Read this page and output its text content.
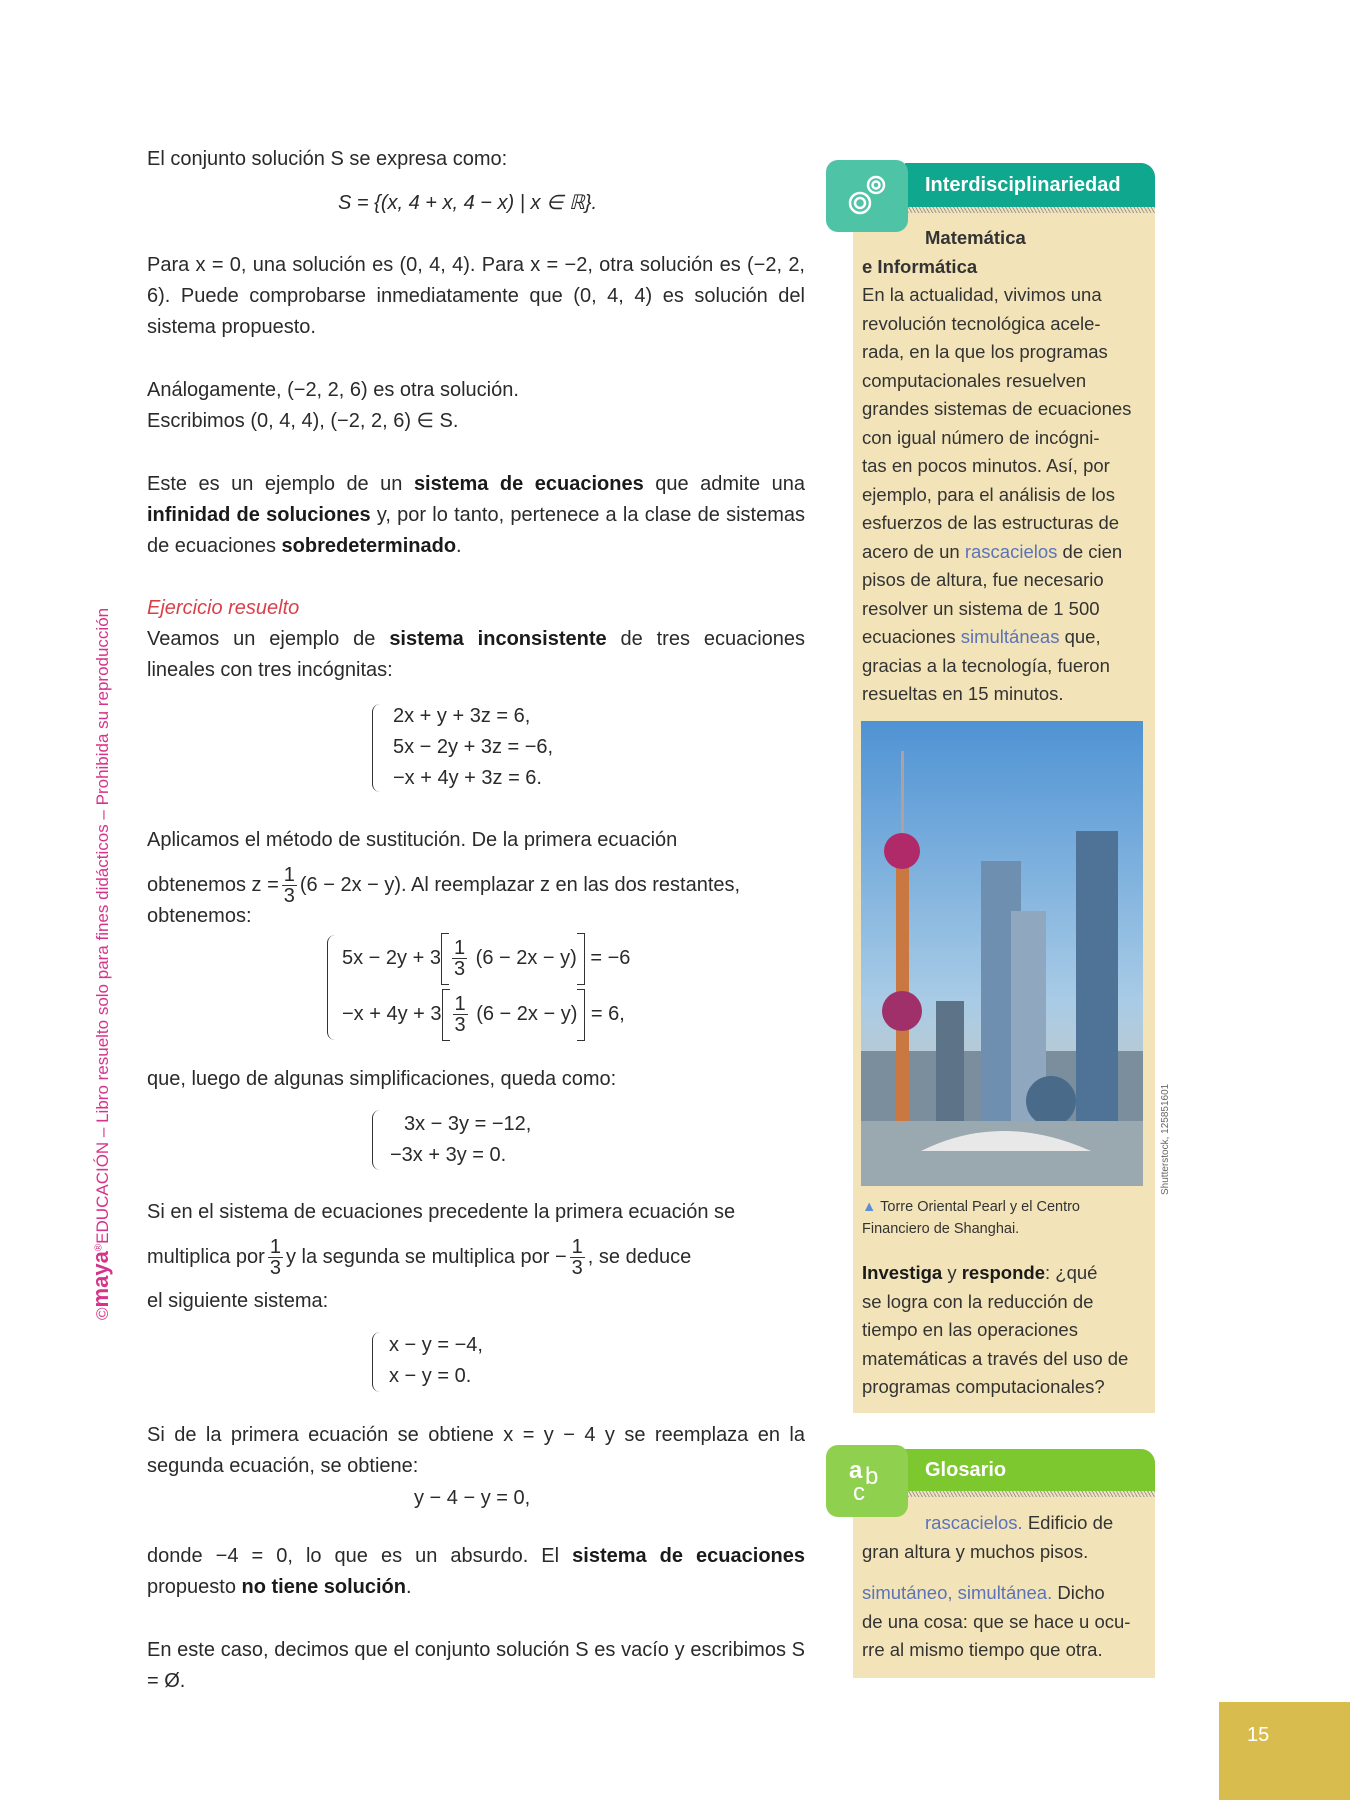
©maya®EDUCACIÓN – Libro resuelto solo para fines didácticos – Prohibida su reproducción
El conjunto solución S se expresa como:
S = {(x, 4 + x, 4 − x) | x ∈ ℝ}.
Para x = 0, una solución es (0, 4, 4). Para x = −2, otra solución es (−2, 2, 6). Puede comprobarse inmediatamente que (0, 4, 4) es solución del sistema propuesto.
Análogamente, (−2, 2, 6) es otra solución.
Escribimos (0, 4, 4), (−2, 2, 6) ∈ S.
Este es un ejemplo de un sistema de ecuaciones que admite una infinidad de soluciones y, por lo tanto, pertenece a la clase de sistemas de ecuaciones sobredeterminado.
Ejercicio resuelto
Veamos un ejemplo de sistema inconsistente de tres ecuaciones lineales con tres incógnitas:
2x + y + 3z = 6,
5x − 2y + 3z = −6,
−x + 4y + 3z = 6.
Aplicamos el método de sustitución. De la primera ecuación
obtenemos $z = \frac{1}{3} (6 - 2x - y)$. Al reemplazar z en las dos restantes,
obtenemos:
$5x - 2y + 3 \frac{1}{3} (6 - 2x - y) = -6$
$-x + 4y + 3 \frac{1}{3} (6 - 2x - y) = 6$,
que, luego de algunas simplificaciones, queda como:
3x − 3y = −12,
−3x + 3y = 0.
Si en el sistema de ecuaciones precedente la primera ecuación se
multiplica por $\frac{1}{3}$ y la segunda se multiplica por − $\frac{1}{3}$ , se deduce
el siguiente sistema:
x − y = −4,
x − y = 0.
Si de la primera ecuación se obtiene x = y − 4 y se reemplaza en la segunda ecuación, se obtiene:
y − 4 − y = 0,
donde −4 = 0, lo que es un absurdo. El sistema de ecuaciones propuesto no tiene solución.
En este caso, decimos que el conjunto solución S es vacío y escribimos S = Ø.
Interdisciplinariedad
Matemática
e Informática
En la actualidad, vivimos una
revolución tecnológica acele-
rada, en la que los programas
computacionales resuelven
grandes sistemas de ecuaciones
con igual número de incógni-
tas en pocos minutos. Así, por
ejemplo, para el análisis de los
esfuerzos de las estructuras de
acero de un rascacielos de cien
pisos de altura, fue necesario
resolver un sistema de 1 500
ecuaciones simultáneas que,
gracias a la tecnología, fueron
resueltas en 15 minutos.
Shutterstock, 125851601
▲ Torre Oriental Pearl y el Centro
Financiero de Shanghai.
Investiga y responde: ¿qué
se logra con la reducción de
tiempo en las operaciones
matemáticas a través del uso de
programas computacionales?
Glosario
a b
c
rascacielos. Edificio de
gran altura y muchos pisos.
simutáneo, simultánea. Dicho
de una cosa: que se hace u ocu-
rre al mismo tiempo que otra.
15
